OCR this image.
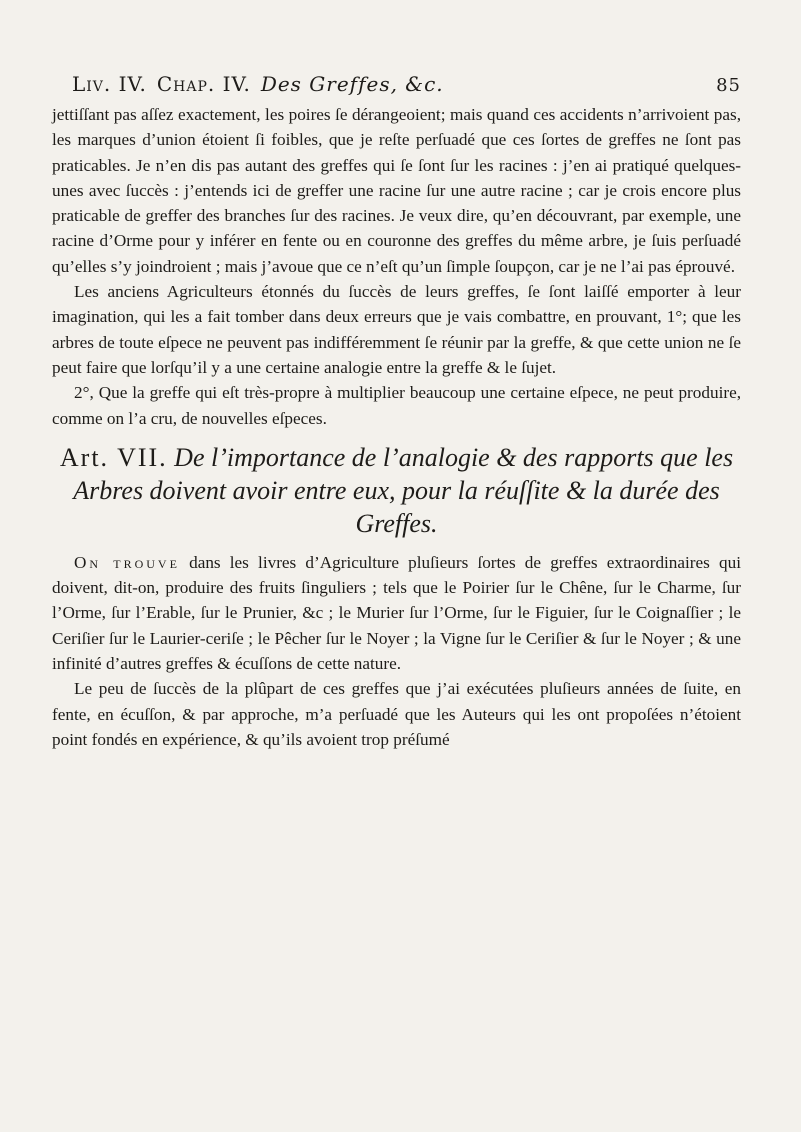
Liv. IV. Chap. IV. Des Greffes, &c.	85

jettiſſant pas aſſez exactement, les poires ſe dérangeoient; mais quand ces accidents n’arrivoient pas, les marques d’union étoient ſi foibles, que je reſte perſuadé que ces ſortes de greffes ne ſont pas praticables. Je n’en dis pas autant des greffes qui ſe ſont ſur les racines : j’en ai pratiqué quelques-unes avec ſuccès : j’entends ici de greffer une racine ſur une autre racine ; car je crois encore plus praticable de greffer des branches ſur des racines. Je veux dire, qu’en découvrant, par exemple, une racine d’Orme pour y inférer en fente ou en couronne des greffes du même arbre, je ſuis perſuadé qu’elles s’y joindroient ; mais j’avoue que ce n’eſt qu’un ſimple ſoupçon, car je ne l’ai pas éprouvé.

Les anciens Agriculteurs étonnés du ſuccès de leurs greffes, ſe ſont laiſſé emporter à leur imagination, qui les a fait tomber dans deux erreurs que je vais combattre, en prouvant, 1°; que les arbres de toute eſpece ne peuvent pas indifféremment ſe réunir par la greffe, & que cette union ne ſe peut faire que lorſqu’il y a une certaine analogie entre la greffe & le ſujet.

2°, Que la greffe qui eſt très-propre à multiplier beaucoup une certaine eſpece, ne peut produire, comme on l’a cru, de nouvelles eſpeces.

Art. VII. De l’importance de l’analogie & des rapports que les Arbres doivent avoir entre eux, pour la réuſſite & la durée des Greffes.

On trouve dans les livres d’Agriculture pluſieurs ſortes de greffes extraordinaires qui doivent, dit-on, produire des fruits ſinguliers ; tels que le Poirier ſur le Chêne, ſur le Charme, ſur l’Orme, ſur l’Erable, ſur le Prunier, &c ; le Murier ſur l’Orme, ſur le Figuier, ſur le Coignaſſier ; le Ceriſier ſur le Laurier-ceriſe ; le Pêcher ſur le Noyer ; la Vigne ſur le Ceriſier & ſur le Noyer ; & une infinité d’autres greffes & écuſſons de cette nature.

Le peu de ſuccès de la plûpart de ces greffes que j’ai exécutées pluſieurs années de ſuite, en fente, en écuſſon, & par approche, m’a perſuadé que les Auteurs qui les ont propoſées n’étoient point fondés en expérience, & qu’ils avoient trop préſumé
